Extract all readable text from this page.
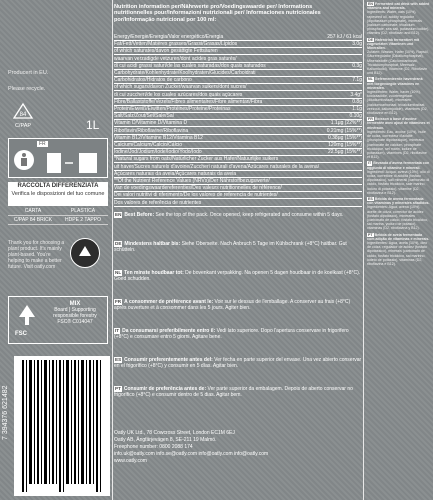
Producert in EU.
Please recycle.
84
C/PAP	1L
FR
RACCOLTA DIFFERENZIATA
Verifica le disposizioni del tuo comune
CARTA	PLASTICA
C/PAP 84 BRICK	HDPE 2 TAPPO
Thank you for choosing a plant product. It's mainly plant-based. You're helping to make a better future. Visit oatly.com
MIX
Board | Supporting
responsible forestry
FSC® C014047
FSC
7 394376 621482
Nutrition information per/Nährwerte pro/Voedingswaarde per/ Informations nutritionnelles pour/Informazioni nutrizionali per/ Informaciones nutricionales por/Informação nutricional por 100 ml:
Energy/Energie/Energia/Valor energético/Energia	257 kJ / 61 kcal
Fat/Fett/Vetten/Matières grasses/Grassi/Grasas/Lípidos	3.0g
of which saturates/davon gesättigte Fettsäuren
waarvan verzadigde vetzuren/dont acides gras saturés/
di cui acidi grassi saturi/de las cuales saturadas/dos quais saturados	0.3g
Carbohydrate/Kohlenhydrate/Koolhydraten/Glucides/Carboidrati
Carbohidratos/Hidratos de carbono	7.1g
of which sugars/davon Zucker/waarvan suikers/dont sucres/
di cui zuccheri/de los cuales azúcares/dos quais açúcares	3.4g*
Fibre/Ballaststoffe/Vezels/Fibres alimentaires/Fibre alimentari/Fibra	0.8g
Protein/Eiweiß/Eiwitten/Protéines/Proteine/Proteínas	1.1g
Salt/Salz/Zout/Sel/Sale/Sal	0.10g
Vitamin D/Vitamine D/Vitamina D	1.1µg (22%**)
Riboflavin/Riboflavine/Riboflavina	0.21mg (15%**)
Vitamin B12/Vitamine B12/Vitamina B12	0.38µg (15%**)
Calcium/Calcium/Calcio/Cálcio	120mg (15%**)
Iodine/Jod/Jodium/Iode/Iodio/Yodo/Iodo	22.5µg (15%**)
*Natural sugars from oats/Natürlicher Zucker aus Hafer/Natuurlijke suikers
uit haver/Sucres naturels d'avoine/Zuccheri naturali d'avena/Azúcares naturales de la avena/
Açúcares naturais da aveia/Açúcares naturais da aveia
**Of the Nutrient Reference Values (NRVs)/Der Nährstoffbezugswerte/
Van de voedingswaardereferenties/Des valeurs nutritionnelles de référence/
Dei valori nutritivi di riferimento/De los valores de referencia de nutrientes/
Dos valores de referência de nutrientes
EN Best Before: See the top of the pack. Once opened, keep refrigerated and consume within 5 days.
DE Mindestens haltbar bis: Siehe Oberseite. Nach Anbruch 5 Tage im Kühlschrank (+8°C) haltbar. Gut schütteln.
NL Ten minste houdbaar tot: De bovenkant verpakking. Na openen 5 dagen houdbaar in de koelkast (+8°C). Goed schudden.
FR A consommer de préférence avant le: Voir sur le dessus de l'emballage. A conserver au frais (+8°C) après ouverture et à consommer dans les 5 jours. Agiter bien.
IT Da consumarsi preferibilmente entro il: Vedi lato superiore. Dopo l'apertura conservare in frigorifero (+8°C) e consumare entro 5 giorni. Agitare bene.
ES Consumir preferentemente antes del: Ver fecha en parte superior del envase. Una vez abierto conservar en el frigorífico (+8°C) y consumir en 5 días. Agitar bien.
PT Consumir de preferência antes de: Ver parte superior da embalagem. Depois de aberto conservar no frigorífico (+8°C) e consumir dentro de 5 dias. Agitar bem.
Oatly UK Ltd., 78 Cowcross Street, London EC1M 6EJ
Oatly AB, Ängfärjevägen 8, SE-211 19 Malmö.
Freephone number: 0800 2088 174
info.uk@oatly.com info.se@oatly.com info@oatly.com info@oatly.com
www.oatly.com
EN Fermented oat drink with added vitamins and minerals.
Ingredients: Water, oats (10%), rapeseed oil, acidity regulator (dipotassium phosphate), minerals (calcium carbonate, tricalcium phosphate, sea salt, potassium iodide), vitamins (D2, riboflavin and B12).
DE Haferdrink fermentiert mit zugesetzten Vitaminen und Mineralien.
Zutaten: Wasser, Hafer (10%), Rapsöl, Säureregulator (Dikaliumphosphat), Mineralstoffe (Calciumcarbonat, Tricalciumphosphat, Meersalz, Kaliumiodid), Vitamine (D2, Riboflavin und B12).
NL Gefermenteerde haverdrank met toegevoegde vitamines en mineralen.
Ingrediënten: Water, haver (10%), koolzaadolie, zuurteregelaar (dikaliumfosfaat), mineralen (calciumcarbonaat, tricalciumfosfaat, zeezout, kaliumjodide), vitamines (D2, riboflavine en B12).
FR Boisson à base d'avoine fermentée avec ajout de vitamines et minéraux.
Ingrédients: Eau, avoine (10%), huile de colza, correcteur d'acidité (phosphate dipotassique), minéraux (carbonate de calcium, phosphate tricalcique, sel marin, iodure de potassium), vitamines (D2, riboflavine et B12).
IT Bevanda d'avena fermentata con aggiunta di vitamine e minerali.
Ingredienti: Acqua, avena (10%), olio di colza, correttore di acidità (fosfato dipotassico), sali minerali (carbonato di calcio, fosfato tricalcico, sale marino, ioduro di potassio), vitamine (D2, riboflavina e B12).
ES Bebida de avena fermentada con vitaminas y minerales añadidos.
Ingredientes: Agua, avena (10%), aceite de colza, corrector de acidez (fosfato dipotásico), minerales (carbonato de calcio, fosfato tricálcico, sal marina, yoduro de potasio), vitaminas (D2, riboflavina y B12).
PT Bebida de aveia fermentada com adição de vitaminas e minerais.
Ingredientes: Água, aveia (10%), óleo de colza, regulador de acidez (fosfato dipotássico), minerais (carbonato de cálcio, fosfato tricálcico, sal marinho, iodeto de potássio), vitaminas (D2, riboflavina e B12).
